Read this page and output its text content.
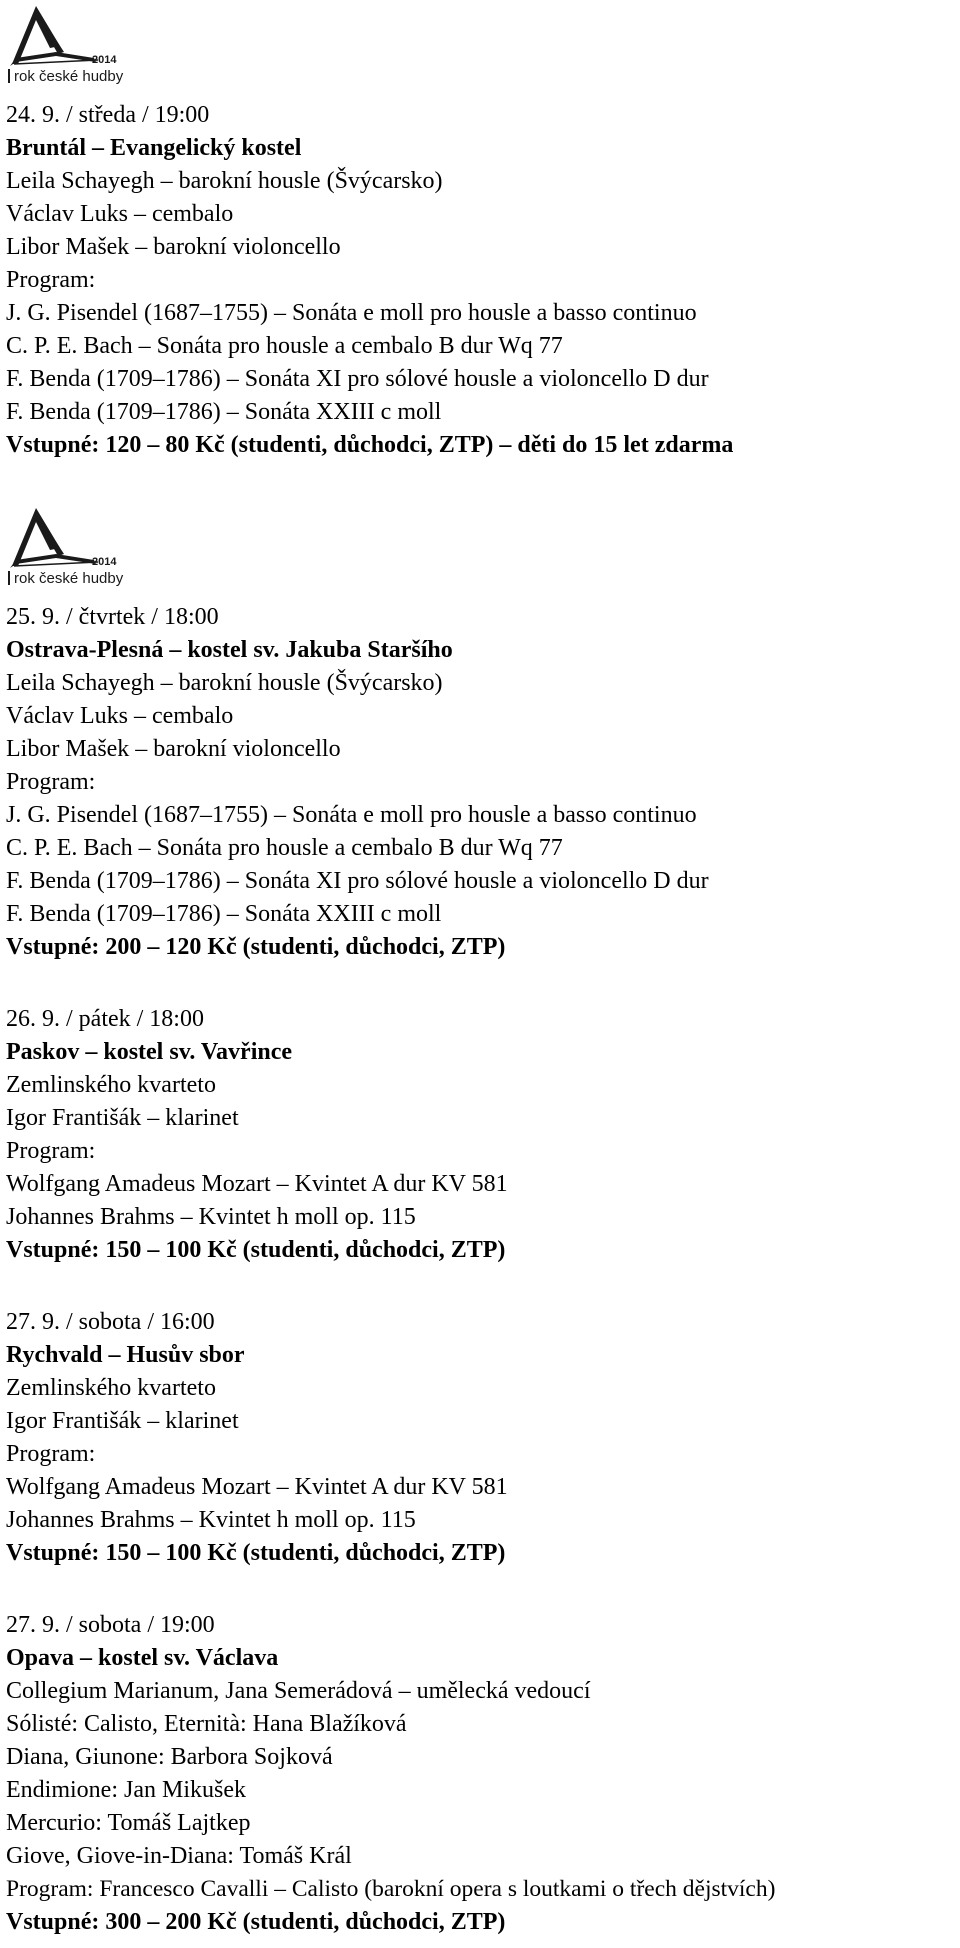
rok české hudby
2014
24. 9. / středa / 19:00
Bruntál – Evangelický kostel
Leila Schayegh – barokní housle (Švýcarsko)
Václav Luks – cembalo
Libor Mašek – barokní violoncello
Program:
J. G. Pisendel (1687–1755) – Sonáta e moll pro housle a basso continuo
C. P. E. Bach – Sonáta pro housle a cembalo B dur Wq 77
F. Benda (1709–1786) – Sonáta XI pro sólové housle a violoncello D dur
F. Benda (1709–1786) – Sonáta XXIII c moll
Vstupné: 120 – 80 Kč (studenti, důchodci, ZTP) – děti do 15 let zdarma
rok české hudby
2014
25. 9. / čtvrtek / 18:00
Ostrava-Plesná – kostel sv. Jakuba Staršího
Leila Schayegh – barokní housle (Švýcarsko)
Václav Luks – cembalo
Libor Mašek – barokní violoncello
Program:
J. G. Pisendel (1687–1755) – Sonáta e moll pro housle a basso continuo
C. P. E. Bach – Sonáta pro housle a cembalo B dur Wq 77
F. Benda (1709–1786) – Sonáta XI pro sólové housle a violoncello D dur
F. Benda (1709–1786) – Sonáta XXIII c moll
Vstupné: 200 – 120 Kč (studenti, důchodci, ZTP)
26. 9. / pátek / 18:00
Paskov – kostel sv. Vavřince
Zemlinského kvarteto
Igor Františák – klarinet
Program:
Wolfgang Amadeus Mozart – Kvintet A dur KV 581
Johannes Brahms – Kvintet h moll op. 115
Vstupné: 150 – 100 Kč (studenti, důchodci, ZTP)
27. 9. / sobota / 16:00
Rychvald – Husův sbor
Zemlinského kvarteto
Igor Františák – klarinet
Program:
Wolfgang Amadeus Mozart – Kvintet A dur KV 581
Johannes Brahms – Kvintet h moll op. 115
Vstupné: 150 – 100 Kč (studenti, důchodci, ZTP)
27. 9. / sobota / 19:00
Opava – kostel sv. Václava
Collegium Marianum, Jana Semerádová – umělecká vedoucí
Sólisté: Calisto, Eternità: Hana Blažíková
Diana, Giunone: Barbora Sojková
Endimione: Jan Mikušek
Mercurio: Tomáš Lajtkep
Giove, Giove-in-Diana: Tomáš Král
Program: Francesco Cavalli – Calisto (barokní opera s loutkami o třech dějstvích)
Vstupné: 300 – 200 Kč (studenti, důchodci, ZTP)
